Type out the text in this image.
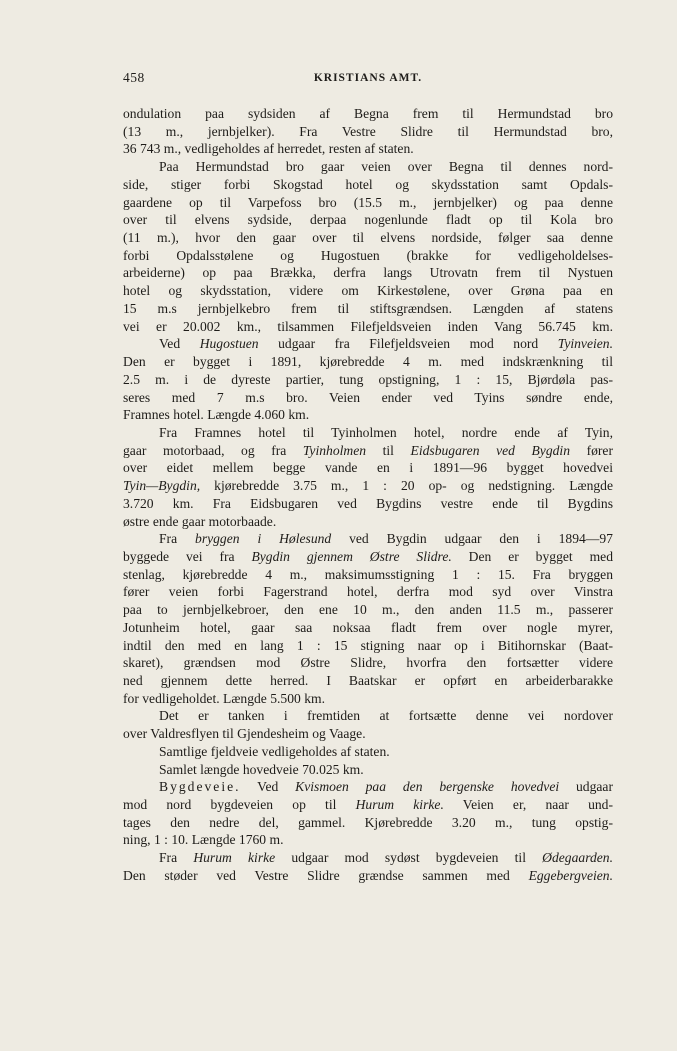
458	KRISTIANS AMT.
ondulation paa sydsiden af Begna frem til Hermundstad bro
(13 m., jernbjelker). Fra Vestre Slidre til Hermundstad bro,
36 743 m., vedligeholdes af herredet, resten af staten.
Paa Hermundstad bro gaar veien over Begna til dennes nord-
side, stiger forbi Skogstad hotel og skydsstation samt Opdals-
gaardene op til Varpefoss bro (15.5 m., jernbjelker) og paa denne
over til elvens sydside, derpaa nogenlunde fladt op til Kola bro
(11 m.), hvor den gaar over til elvens nordside, følger saa denne
forbi Opdalsstølene og Hugostuen (brakke for vedligeholdelses-
arbeiderne) op paa Brækka, derfra langs Utrovatn frem til Nystuen
hotel og skydsstation, videre om Kirkestølene, over Grøna paa en
15 m.s jernbjelkebro frem til stiftsgrændsen. Længden af statens
vei er 20.002 km., tilsammen Filefjeldsveien inden Vang 56.745 km.
Ved Hugostuen udgaar fra Filefjeldsveien mod nord Tyinveien.
Den er bygget i 1891, kjørebredde 4 m. med indskrænkning til
2.5 m. i de dyreste partier, tung opstigning, 1 : 15, Bjørdøla pas-
seres med 7 m.s bro. Veien ender ved Tyins søndre ende,
Framnes hotel. Længde 4.060 km.
Fra Framnes hotel til Tyinholmen hotel, nordre ende af Tyin,
gaar motorbaad, og fra Tyinholmen til Eidsbugaren ved Bygdin fører
over eidet mellem begge vande en i 1891—96 bygget hovedvei
Tyin—Bygdin, kjørebredde 3.75 m., 1 : 20 op- og nedstigning. Længde
3.720 km. Fra Eidsbugaren ved Bygdins vestre ende til Bygdins
østre ende gaar motorbaade.
Fra bryggen i Hølesund ved Bygdin udgaar den i 1894—97
byggede vei fra Bygdin gjennem Østre Slidre. Den er bygget med
stenlag, kjørebredde 4 m., maksimumsstigning 1 : 15. Fra bryggen
fører veien forbi Fagerstrand hotel, derfra mod syd over Vinstra
paa to jernbjelkebroer, den ene 10 m., den anden 11.5 m., passerer
Jotunheim hotel, gaar saa noksaa fladt frem over nogle myrer,
indtil den med en lang 1 : 15 stigning naar op i Bitihornskar (Baat-
skaret), grændsen mod Østre Slidre, hvorfra den fortsætter videre
ned gjennem dette herred. I Baatskar er opført en arbeiderbarakke
for vedligeholdet. Længde 5.500 km.
Det er tanken i fremtiden at fortsætte denne vei nordover
over Valdresflyen til Gjendesheim og Vaage.
Samtlige fjeldveie vedligeholdes af staten.
Samlet længde hovedveie 70.025 km.
Bygdeveie. Ved Kvismoen paa den bergenske hovedvei udgaar
mod nord bygdeveien op til Hurum kirke. Veien er, naar und-
tages den nedre del, gammel. Kjørebredde 3.20 m., tung opstig-
ning, 1 : 10. Længde 1760 m.
Fra Hurum kirke udgaar mod sydøst bygdeveien til Ødegaarden.
Den støder ved Vestre Slidre grændse sammen med Eggebergveien.
